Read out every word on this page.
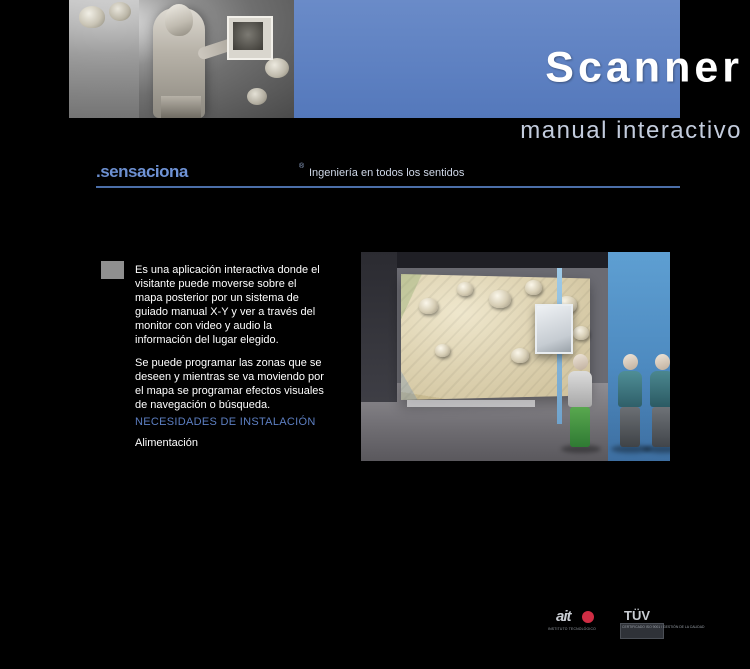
Scanner
manual interactivo
.sensaciona	®
Ingeniería en todos los sentidos

Es una aplicación interactiva donde el visitante puede moverse sobre el mapa posterior por un sistema de guiado manual X-Y y ver a través del monitor con video y audio la información del lugar elegido.

Se puede programar las zonas que se deseen y mientras se va moviendo por el mapa se programar efectos visuales de navegación o búsqueda.

NECESIDADES DE INSTALACIÓN
Alimentación
ait
INSTITUTO TECNOLÓGICO
TÜV
CERTIFICADO ISO 9001 / GESTIÓN DE LA CALIDAD
